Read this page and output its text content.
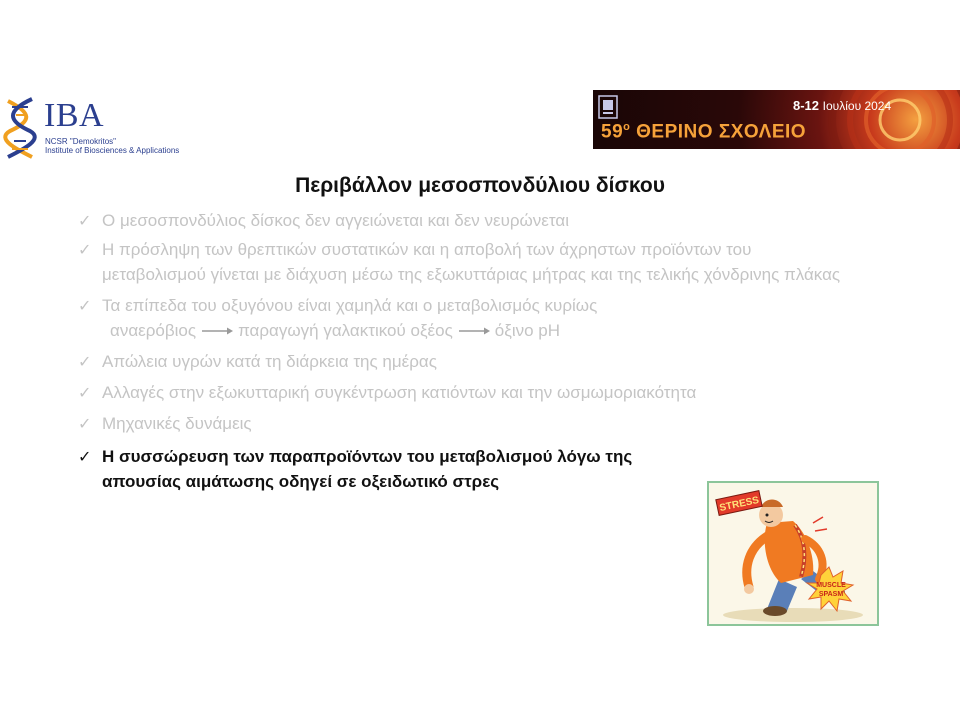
IBA
NCSR "Demokritos"
Institute of Biosciences & Applications
8-12 Ιουλίου 2024
$59^o$ ΘΕΡΙΝΟ ΣΧΟΛΕΙΟ
Περιβάλλον μεσοσπονδύλιου δίσκου
✓ Ο μεσοσπονδύλιος δίσκος δεν αγγειώνεται και δεν νευρώνεται
✓ Η πρόσληψη των θρεπτικών συστατικών και η αποβολή των άχρηστων προϊόντων του μεταβολισμού γίνεται με διάχυση μέσω της εξωκυττάριας μήτρας και της τελικής χόνδρινης πλάκας
✓ Τα επίπεδα του οξυγόνου είναι χαμηλά και ο μεταβολισμός κυρίως
αναερόβιος παραγωγή γαλακτικού οξέος όξινο pH
✓ Απώλεια υγρών κατά τη διάρκεια της ημέρας
✓ Αλλαγές στην εξωκυτταρική συγκέντρωση κατιόντων και την ωσμωμοριακότητα
✓ Μηχανικές δυνάμεις
✓ Η συσσώρευση των παραπροϊόντων του μεταβολισμού λόγω της απουσίας αιμάτωσης οδηγεί σε οξειδωτικό στρες
STRESS
MUSCLE
SPASM
